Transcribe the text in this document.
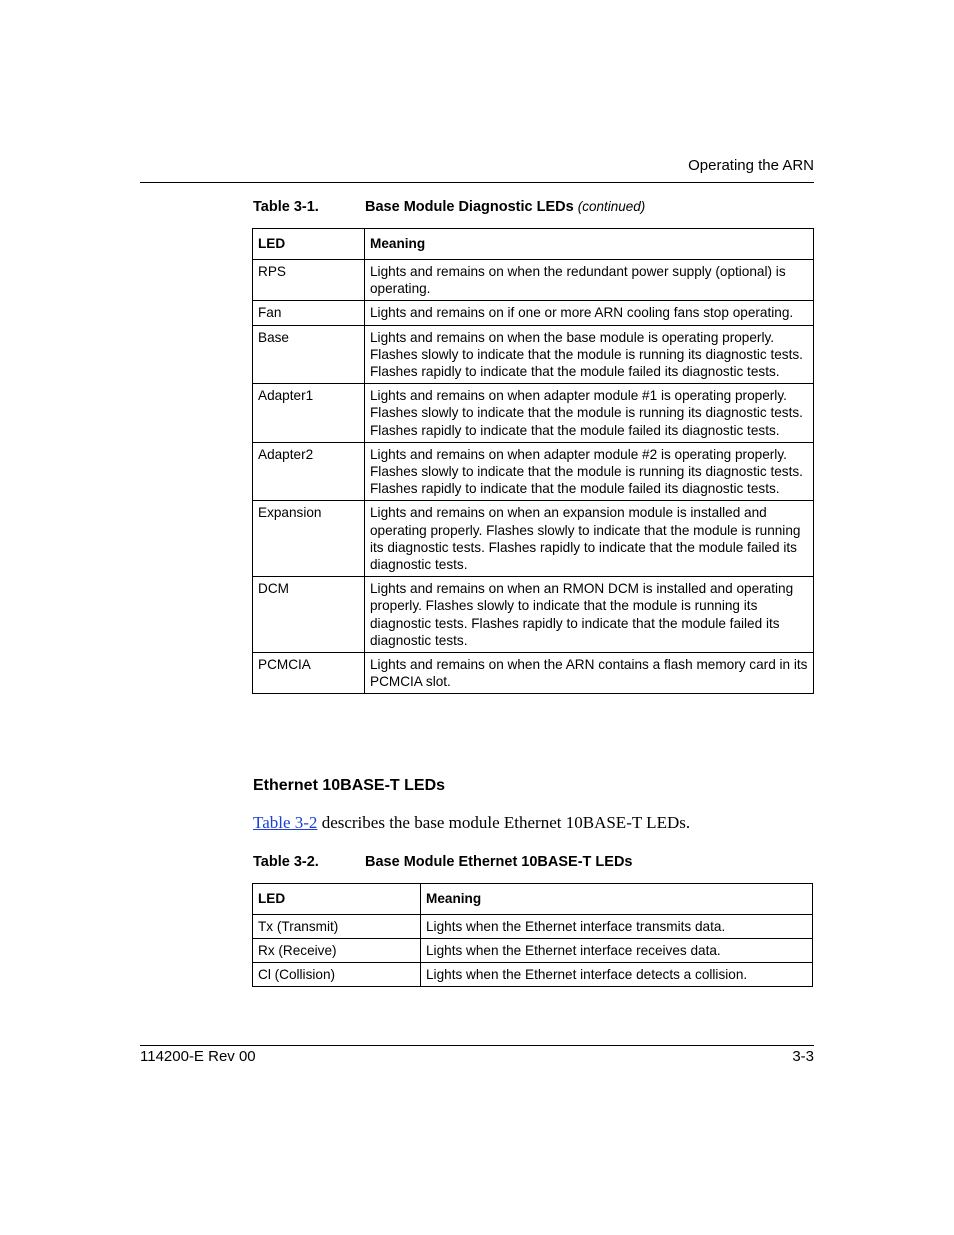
Operating the ARN
Table 3-1.	Base Module Diagnostic LEDs (continued)
LED	Meaning
RPS	Lights and remains on when the redundant power supply (optional) is operating.
Fan	Lights and remains on if one or more ARN cooling fans stop operating.
Base	Lights and remains on when the base module is operating properly. Flashes slowly to indicate that the module is running its diagnostic tests. Flashes rapidly to indicate that the module failed its diagnostic tests.
Adapter1	Lights and remains on when adapter module #1 is operating properly. Flashes slowly to indicate that the module is running its diagnostic tests. Flashes rapidly to indicate that the module failed its diagnostic tests.
Adapter2	Lights and remains on when adapter module #2 is operating properly. Flashes slowly to indicate that the module is running its diagnostic tests. Flashes rapidly to indicate that the module failed its diagnostic tests.
Expansion	Lights and remains on when an expansion module is installed and operating properly. Flashes slowly to indicate that the module is running its diagnostic tests. Flashes rapidly to indicate that the module failed its diagnostic tests.
DCM	Lights and remains on when an RMON DCM is installed and operating properly. Flashes slowly to indicate that the module is running its diagnostic tests. Flashes rapidly to indicate that the module failed its diagnostic tests.
PCMCIA	Lights and remains on when the ARN contains a flash memory card in its PCMCIA slot.
Ethernet 10BASE-T LEDs
Table 3-2 describes the base module Ethernet 10BASE-T LEDs.
Table 3-2.	Base Module Ethernet 10BASE-T LEDs
LED	Meaning
Tx (Transmit)	Lights when the Ethernet interface transmits data.
Rx (Receive)	Lights when the Ethernet interface receives data.
Cl (Collision)	Lights when the Ethernet interface detects a collision.
114200-E Rev 00	3-3
